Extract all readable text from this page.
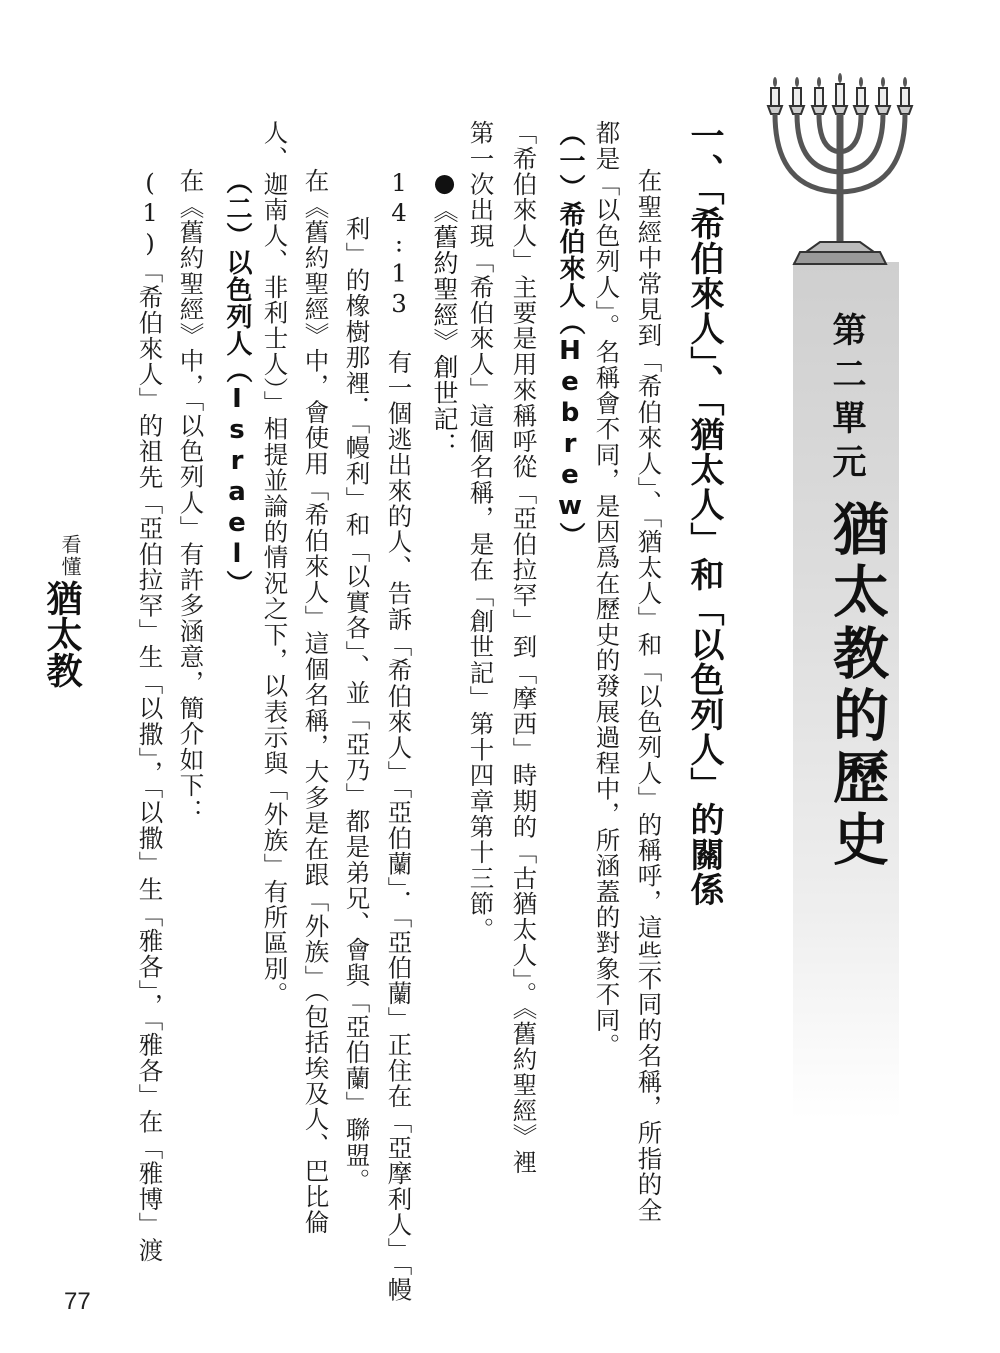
第二單元
猶太教的歷史
一、「希伯來人」、「猶太人」和「以色列人」的關係
在聖經中常見到「希伯來人」、「猶太人」和「以色列人」的稱呼，這些不同的名稱，所指的全
都是「以色列人」。名稱會不同，是因爲在歷史的發展過程中，所涵蓋的對象不同。
（一）希伯來人（Hebrew）
「希伯來人」主要是用來稱呼從「亞伯拉罕」到「摩西」時期的「古猶太人」。《舊約聖經》裡
第一次出現「希伯來人」這個名稱，是在「創世記」第十四章第十三節。
●《舊約聖經》創世記：
14:13 有一個逃出來的人、告訴「希伯來人」「亞伯蘭」．「亞伯蘭」正住在「亞摩利人」「幔
利」的橡樹那裡．「幔利」和「以實各」、並「亞乃」都是弟兄、會與「亞伯蘭」聯盟。
在《舊約聖經》中，會使用「希伯來人」這個名稱，大多是在跟「外族」（包括埃及人、巴比倫
人、迦南人、非利士人）」相提並論的情況之下，以表示與「外族」有所區別。
（二）以色列人（Israel）
在《舊約聖經》中，「以色列人」有許多涵意，簡介如下：
(1)「希伯來人」的祖先「亞伯拉罕」生「以撒」，「以撒」生「雅各」，「雅各」在「雅博」渡
看懂
猶太教
77
